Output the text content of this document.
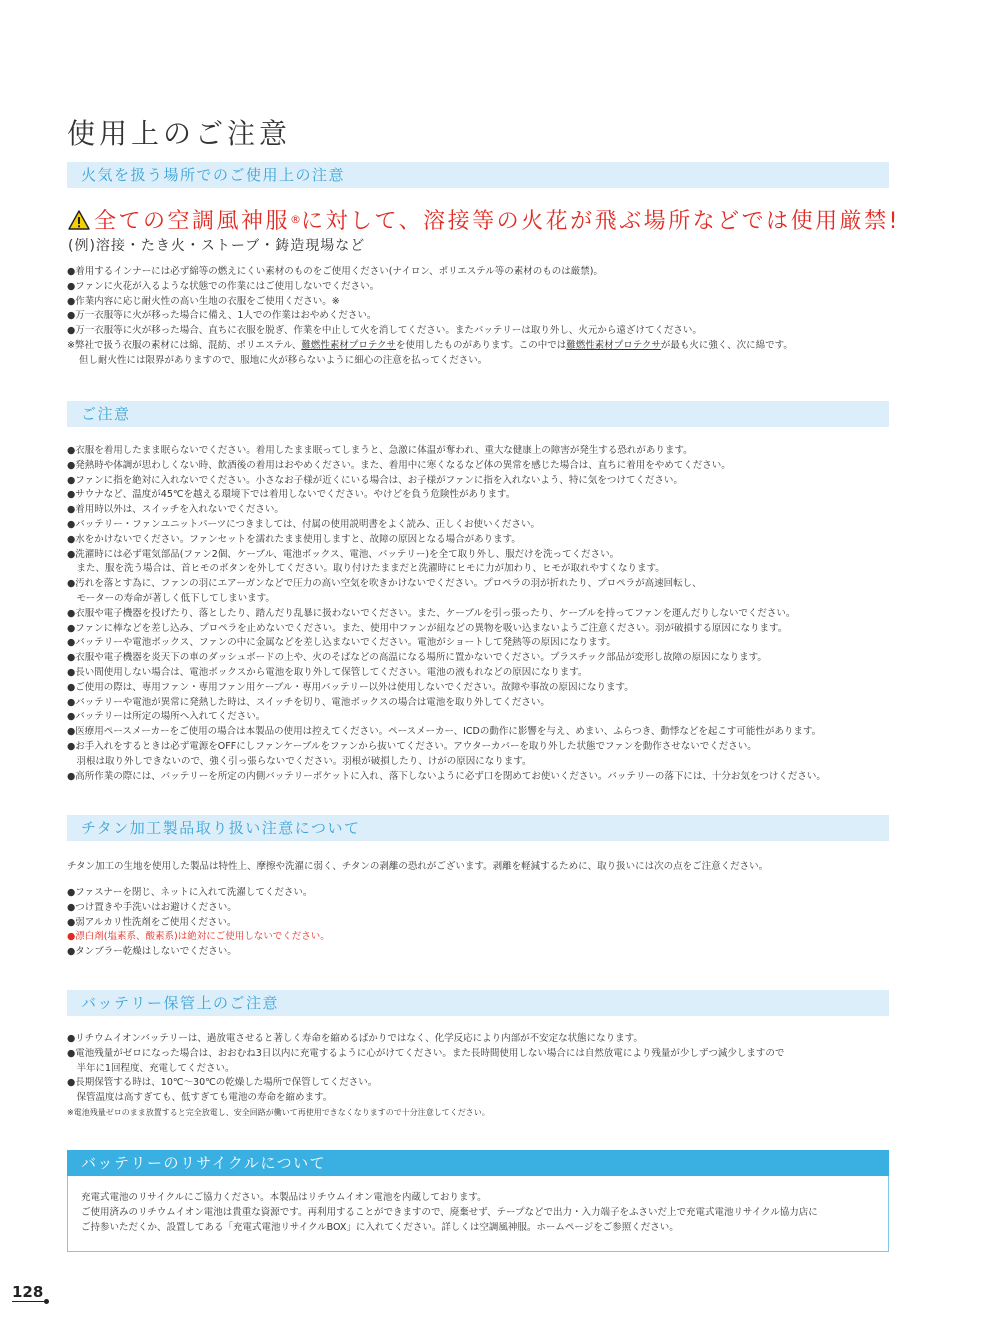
使用上のご注意
火気を扱う場所でのご使用上の注意
全ての空調風神服 ® に対して、溶接等の火花が飛ぶ場所などでは使用厳禁!
(例)溶接・たき火・ストーブ・鋳造現場など
●着用するインナーには必ず綿等の燃えにくい素材のものをご使用ください(ナイロン、ポリエステル等の素材のものは厳禁)。
●ファンに火花が入るような状態での作業にはご使用しないでください。
●作業内容に応じ耐火性の高い生地の衣服をご使用ください。※
●万一衣服等に火が移った場合に備え、1人での作業はおやめください。
●万一衣服等に火が移った場合、直ちに衣服を脱ぎ、作業を中止して火を消してください。またバッテリーは取り外し、火元から遠ざけてください。
※弊社で扱う衣服の素材には綿、混紡、ポリエステル、難燃性素材プロテクサを使用したものがあります。この中では難燃性素材プロテクサが最も火に強く、次に綿です。
但し耐火性には限界がありますので、服地に火が移らないように細心の注意を払ってください。
ご注意
●衣服を着用したまま眠らないでください。着用したまま眠ってしまうと、急激に体温が奪われ、重大な健康上の障害が発生する恐れがあります。
●発熱時や体調が思わしくない時、飲酒後の着用はおやめください。また、着用中に寒くなるなど体の異常を感じた場合は、直ちに着用をやめてください。
●ファンに指を絶対に入れないでください。小さなお子様が近くにいる場合は、お子様がファンに指を入れないよう、特に気をつけてください。
●サウナなど、温度が45℃を越える環境下では着用しないでください。やけどを負う危険性があります。
●着用時以外は、スイッチを入れないでください。
●バッテリー・ファンユニットパーツにつきましては、付属の使用説明書をよく読み、正しくお使いください。
●水をかけないでください。ファンセットを濡れたまま使用しますと、故障の原因となる場合があります。
●洗濯時には必ず電気部品(ファン2個、ケーブル、電池ボックス、電池、バッテリー)を全て取り外し、服だけを洗ってください。
　また、服を洗う場合は、首ヒモのボタンを外してください。取り付けたままだと洗濯時にヒモに力が加わり、ヒモが取れやすくなります。
●汚れを落とす為に、ファンの羽にエアーガンなどで圧力の高い空気を吹きかけないでください。プロペラの羽が折れたり、プロペラが高速回転し、
　モーターの寿命が著しく低下してしまいます。
●衣服や電子機器を投げたり、落としたり、踏んだり乱暴に扱わないでください。また、ケーブルを引っ張ったり、ケーブルを持ってファンを運んだりしないでください。
●ファンに棒などを差し込み、プロペラを止めないでください。また、使用中ファンが紐などの異物を吸い込まないようご注意ください。羽が破損する原因になります。
●バッテリーや電池ボックス、ファンの中に金属などを差し込まないでください。電池がショートして発熱等の原因になります。
●衣服や電子機器を炎天下の車のダッシュボードの上や、火のそばなどの高温になる場所に置かないでください。プラスチック部品が変形し故障の原因になります。
●長い間使用しない場合は、電池ボックスから電池を取り外して保管してください。電池の液もれなどの原因になります。
●ご使用の際は、専用ファン・専用ファン用ケーブル・専用バッテリー以外は使用しないでください。故障や事故の原因になります。
●バッテリーや電池が異常に発熱した時は、スイッチを切り、電池ボックスの場合は電池を取り外してください。
●バッテリーは所定の場所へ入れてください。
●医療用ペースメーカーをご使用の場合は本製品の使用は控えてください。ペースメーカー、ICDの動作に影響を与え、めまい、ふらつき、動悸などを起こす可能性があります。
●お手入れをするときは必ず電源をOFFにしファンケーブルをファンから抜いてください。アウターカバーを取り外した状態でファンを動作させないでください。
　羽根は取り外しできないので、強く引っ張らないでください。羽根が破損したり、けがの原因になります。
●高所作業の際には、バッテリーを所定の内側バッテリーポケットに入れ、落下しないように必ず口を閉めてお使いください。バッテリーの落下には、十分お気をつけください。
チタン加工製品取り扱い注意について
チタン加工の生地を使用した製品は特性上、摩擦や洗濯に弱く、チタンの剥離の恐れがございます。剥離を軽減するために、取り扱いには次の点をご注意ください。
●ファスナーを閉じ、ネットに入れて洗濯してください。
●つけ置きや手洗いはお避けください。
●弱アルカリ性洗剤をご使用ください。
●漂白剤(塩素系、酸素系)は絶対にご使用しないでください。
●タンブラー乾燥はしないでください。
バッテリー保管上のご注意
●リチウムイオンバッテリーは、過放電させると著しく寿命を縮めるばかりではなく、化学反応により内部が不安定な状態になります。
●電池残量がゼロになった場合は、おおむね3日以内に充電するように心がけてください。また長時間使用しない場合には自然放電により残量が少しずつ減少しますので
　半年に1回程度、充電してください。
●長期保管する時は、10℃〜30℃の乾燥した場所で保管してください。
　保管温度は高すぎても、低すぎても電池の寿命を縮めます。
※電池残量ゼロのまま放置すると完全放電し、安全回路が働いて再使用できなくなりますので十分注意してください。
バッテリーのリサイクルについて
充電式電池のリサイクルにご協力ください。本製品はリチウムイオン電池を内蔵しております。
ご使用済みのリチウムイオン電池は貴重な資源です。再利用することができますので、廃棄せず、テープなどで出力・入力端子をふさいだ上で充電式電池リサイクル協力店に
ご持参いただくか、設置してある「充電式電池リサイクルBOX」に入れてください。詳しくは空調風神服。ホームページをご参照ください。
128
